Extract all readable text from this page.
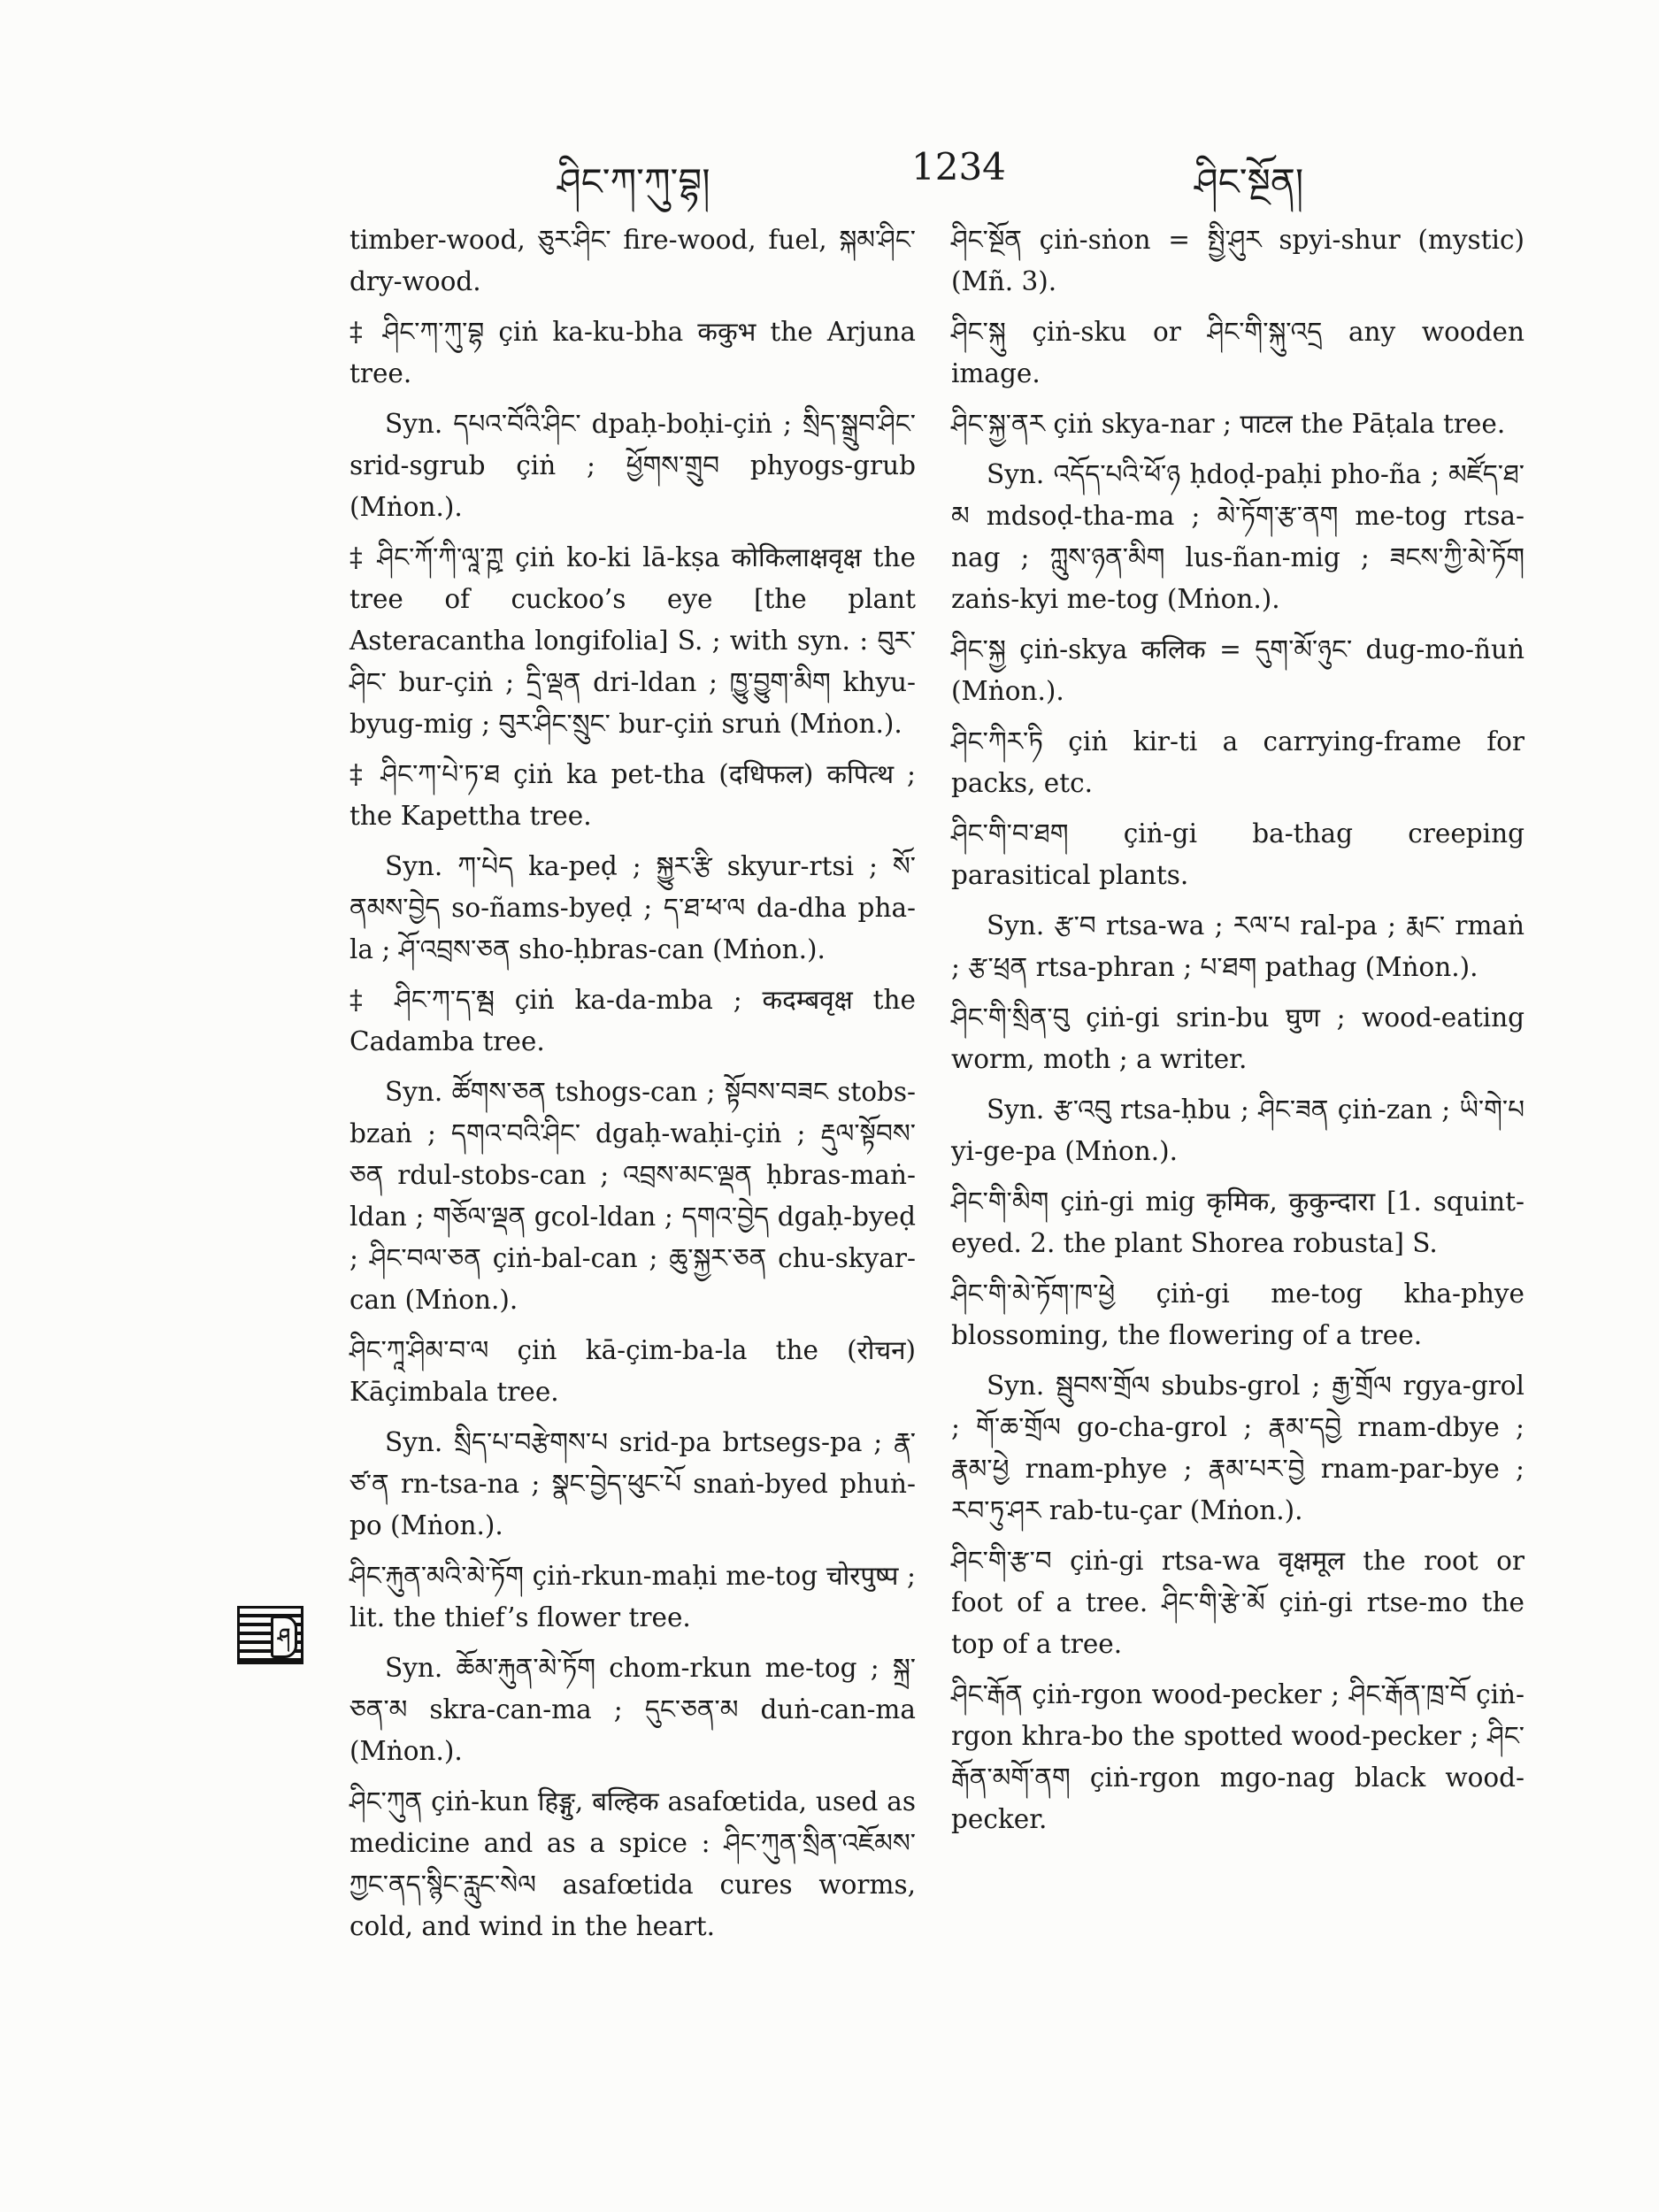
ཤིང་ཀ་ཀུ་བྷ།	1234	ཤིང་སྔོན།

timber-wood, ཅུར་ཤིང་ fire-wood, fuel, སྐམ་ཤིང་ dry-wood.

‡ ཤིང་ཀ་ཀུ་བྷ çiṅ ka-ku-bha ककुभ the Arjuna tree.

Syn. དཔའ་བོའི་ཤིང་ dpaḥ-boḥi-çiṅ ; སྲིད་སྒྲུབ་ཤིང་ srid-sgrub çiṅ ; ཕྱོགས་གྲུབ phyogs-grub (Mṅon.).

‡ ཤིང་ཀོ་ཀི་ལཱ་ཀྵ çiṅ ko-ki lā-kṣa कोकिलाक्षवृक्ष the tree of cuckoo’s eye [the plant Asteracantha longifolia] S. ; with syn. : བུར་ཤིང་ bur-çiṅ ; དྲི་ལྡན dri-ldan ; ཁྱུ་བྱུག་མིག khyu-byug-mig ; བུར་ཤིང་སྲུང་ bur-çiṅ sruṅ (Mṅon.).

‡ ཤིང་ཀ་པེ་ཏ་ཐ çiṅ ka pet-tha (दधिफल) कपित्थ ; the Kapettha tree.

Syn. ཀ་པེད ka-peḍ ; སྐྱུར་རྩི skyur-rtsi ; སོ་ནམས་བྱེད so-ñams-byeḍ ; ད་ཐ་ཕ་ལ da-dha pha-la ; ཤོ་འབྲས་ཅན sho-ḥbras-can (Mṅon.).

‡ ཤིང་ཀ་ད་མྦ çiṅ ka-da-mba ; कदम्बवृक्ष the Cadamba tree.

Syn. ཚོགས་ཅན tshogs-can ; སྟོབས་བཟང stobs-bzaṅ ; དགའ་བའི་ཤིང་ dgaḥ-waḥi-çiṅ ; རྡུལ་སྟོབས་ཅན rdul-stobs-can ; འབྲས་མང་ལྡན ḥbras-maṅ-ldan ; གཅོལ་ལྡན gcol-ldan ; དགའ་བྱེད dgaḥ-byeḍ ; ཤིང་བལ་ཅན çiṅ-bal-can ; ཆུ་སྐྱར་ཅན chu-skyar-can (Mṅon.).

ཤིང་ཀཱ་ཤིམ་བ་ལ çiṅ kā-çim-ba-la the (रोचन) Kāçimbala tree.

Syn. སྲིད་པ་བརྩེགས་པ srid-pa brtsegs-pa ; རྣ་ཙ་ན rn-tsa-na ; སྣང་བྱེད་ཕུང་པོ snaṅ-byed phuṅ-po (Mṅon.).

ཤིང་རྐུན་མའི་མེ་ཏོག çiṅ-rkun-maḥi me-tog चोरपुष्प ; lit. the thief’s flower tree.

Syn. ཆོམ་རྐུན་མེ་ཏོག chom-rkun me-tog ; སྐྲ་ཅན་མ skra-can-ma ; དུང་ཅན་མ duṅ-can-ma (Mṅon.).

ཤིང་ཀུན çiṅ-kun हिङ्गु, बल्हिक asafœtida, used as medicine and as a spice : ཤིང་ཀུན་སྲིན་འཇོམས་ཀྱང་ནད་སྙིང་རླུང་སེལ asafœtida cures worms, cold, and wind in the heart.

ཤིང་སྔོན çiṅ-sṅon = སྤྱི་ཤུར spyi-shur (mystic) (Mñ. 3).

ཤིང་སྐུ çiṅ-sku or ཤིང་གི་སྐུ་འདྲ any wooden image.

ཤིང་སྐྱ་ནར çiṅ skya-nar ; पाटल the Pāṭala tree.

Syn. འདོད་པའི་ཕོ་ཉ ḥdoḍ-paḥi pho-ña ; མཛོད་ཐ་མ mdsoḍ-tha-ma ; མེ་ཏོག་རྩ་ནག me-tog rtsa-nag ; ཀླུས་ཉན་མིག lus-ñan-mig ; ཟངས་ཀྱི་མེ་ཏོག zaṅs-kyi me-tog (Mṅon.).

ཤིང་སྐྱ çiṅ-skya कलिक = དུག་མོ་ཉུང་ dug-mo-ñuṅ (Mṅon.).

ཤིང་ཀིར་ཏི çiṅ kir-ti a carrying-frame for packs, etc.

ཤིང་གི་བ་ཐག çiṅ-gi ba-thag creeping parasitical plants.

Syn. རྩ་བ rtsa-wa ; རལ་པ ral-pa ; རྨང་ rmaṅ ; རྩ་ཕྲན rtsa-phran ; པ་ཐག pathag (Mṅon.).

ཤིང་གི་སྲིན་བུ çiṅ-gi srin-bu घुण ; wood-eating worm, moth ; a writer.

Syn. རྩ་འབུ rtsa-ḥbu ; ཤིང་ཟན çiṅ-zan ; ཡི་གེ་པ yi-ge-pa (Mṅon.).

ཤིང་གི་མིག çiṅ-gi mig कृमिक, कुकुन्दारा [1. squint-eyed. 2. the plant Shorea robusta] S.

ཤིང་གི་མེ་ཏོག་ཁ་ཕྱེ çiṅ-gi me-tog kha-phye blossoming, the flowering of a tree.

Syn. སྦུབས་གྲོལ sbubs-grol ; རྒྱ་གྲོལ rgya-grol ; གོ་ཆ་གྲོལ go-cha-grol ; རྣམ་དབྱེ rnam-dbye ; རྣམ་ཕྱེ rnam-phye ; རྣམ་པར་བྱེ rnam-par-bye ; རབ་ཏུ་ཤར rab-tu-çar (Mṅon.).

ཤིང་གི་རྩ་བ çiṅ-gi rtsa-wa वृक्षमूल the root or foot of a tree. ཤིང་གི་རྩེ་མོ çiṅ-gi rtse-mo the top of a tree.

ཤིང་རྒོན çiṅ-rgon wood-pecker ; ཤིང་རྒོན་ཁྲ་བོ çiṅ-rgon khra-bo the spotted wood-pecker ; ཤིང་རྒོན་མགོ་ནག çiṅ-rgon mgo-nag black wood-pecker.

ཤ
